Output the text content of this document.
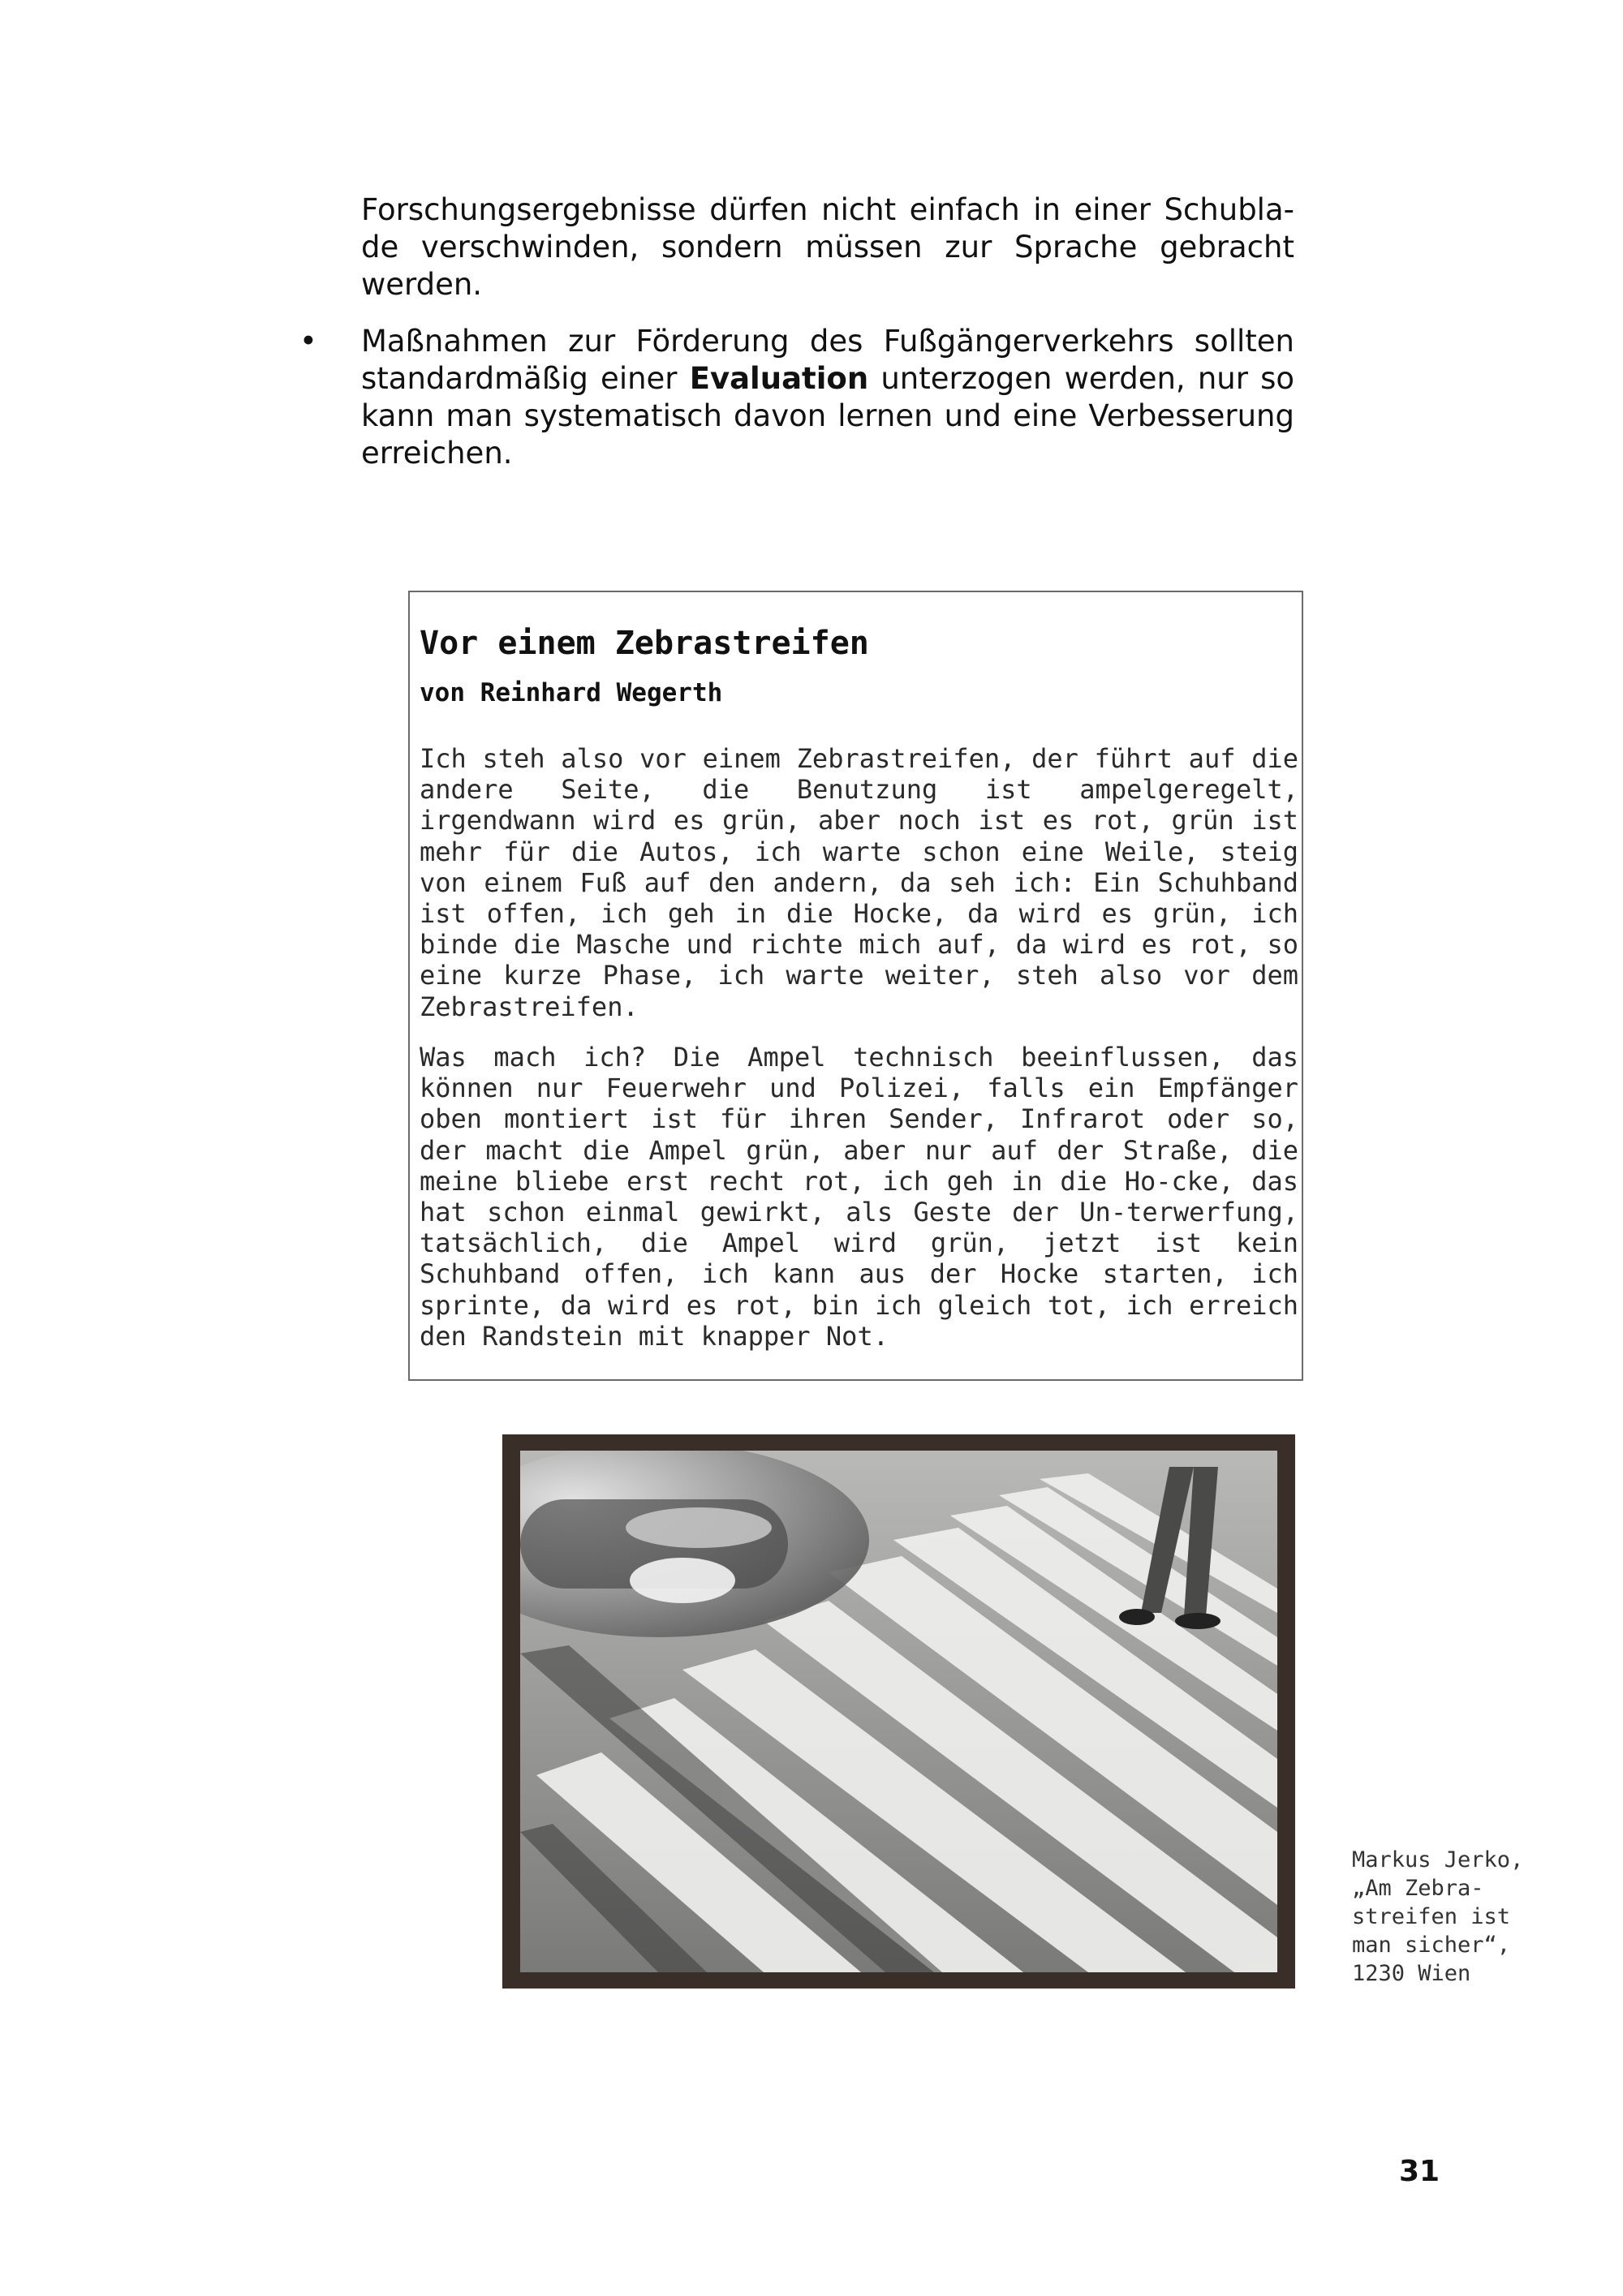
Forschungsergebnisse dürfen nicht einfach in einer Schubla-de verschwinden, sondern müssen zur Sprache gebracht werden.

• Maßnahmen zur Förderung des Fußgängerverkehrs sollten standardmäßig einer Evaluation unterzogen werden, nur so kann man systematisch davon lernen und eine Verbesserung erreichen.

Vor einem Zebrastreifen

von Reinhard Wegerth

Ich steh also vor einem Zebrastreifen, der führt auf die andere Seite, die Benutzung ist ampelgeregelt, irgendwann wird es grün, aber noch ist es rot, grün ist mehr für die Autos, ich warte schon eine Weile, steig von einem Fuß auf den andern, da seh ich: Ein Schuhband ist offen, ich geh in die Hocke, da wird es grün, ich binde die Masche und richte mich auf, da wird es rot, so eine kurze Phase, ich warte weiter, steh also vor dem Zebrastreifen.

Was mach ich? Die Ampel technisch beeinflussen, das können nur Feuerwehr und Polizei, falls ein Empfänger oben montiert ist für ihren Sender, Infrarot oder so, der macht die Ampel grün, aber nur auf der Straße, die meine bliebe erst recht rot, ich geh in die Ho-cke, das hat schon einmal gewirkt, als Geste der Un-terwerfung, tatsächlich, die Ampel wird grün, jetzt ist kein Schuhband offen, ich kann aus der Hocke starten, ich sprinte, da wird es rot, bin ich gleich tot, ich erreich den Randstein mit knapper Not.

Markus Jerko,
„Am Zebra-
streifen ist
man sicher“,
1230 Wien

31
